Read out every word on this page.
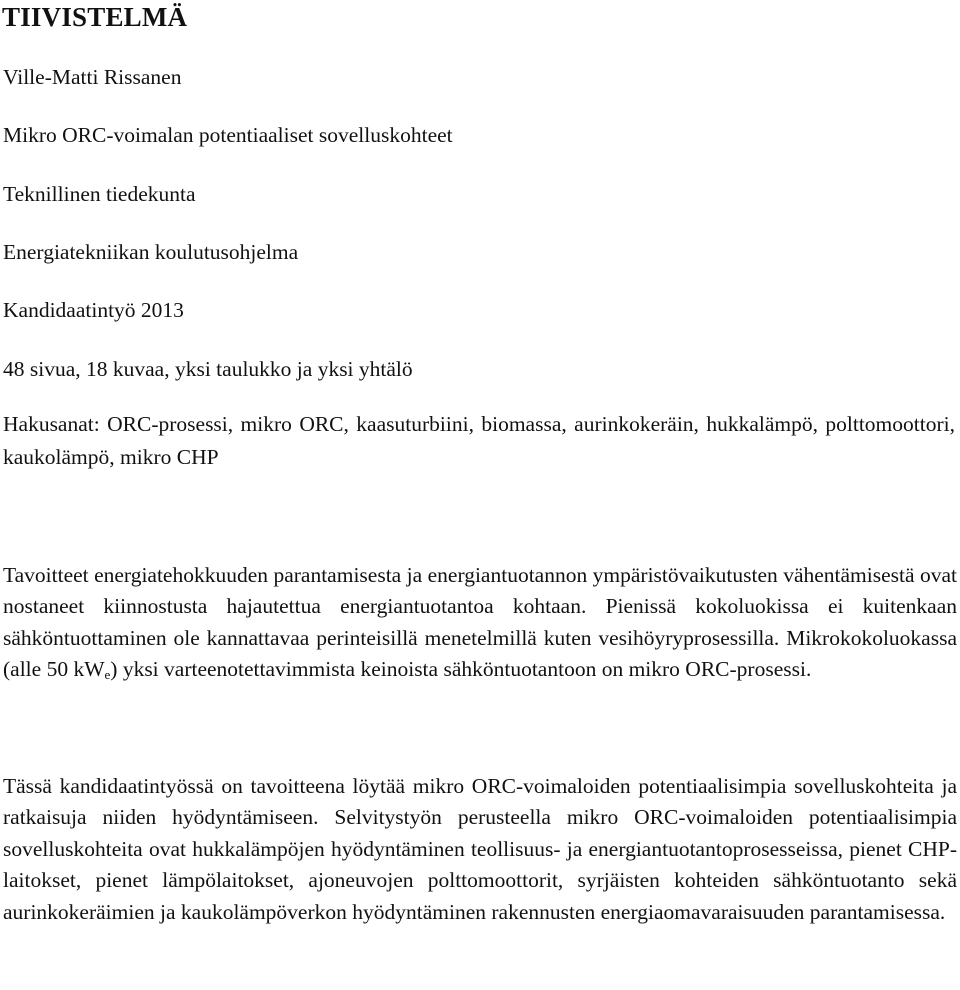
TIIVISTELMÄ
Ville-Matti Rissanen
Mikro ORC-voimalan potentiaaliset sovelluskohteet
Teknillinen tiedekunta
Energiatekniikan koulutusohjelma
Kandidaatintyö 2013
48 sivua, 18 kuvaa, yksi taulukko ja yksi yhtälö
Hakusanat: ORC-prosessi, mikro ORC, kaasuturbiini, biomassa, aurinkokeräin, hukkalämpö, polttomoottori, kaukolämpö, mikro CHP
Tavoitteet energiatehokkuuden parantamisesta ja energiantuotannon ympäristövaikutusten vähentämisestä ovat nostaneet kiinnostusta hajautettua energiantuotantoa kohtaan. Pienissä kokoluokissa ei kuitenkaan sähköntuottaminen ole kannattavaa perinteisillä menetelmillä kuten vesihöyryprosessilla. Mikrokokoluokassa (alle 50 $kW_e$) yksi varteenotettavimmista keinoista sähköntuotantoon on mikro ORC-prosessi.
Tässä kandidaatintyössä on tavoitteena löytää mikro ORC-voimaloiden potentiaalisimpia sovelluskohteita ja ratkaisuja niiden hyödyntämiseen. Selvitystyön perusteella mikro ORC-voimaloiden potentiaalisimpia sovelluskohteita ovat hukkalämpöjen hyödyntäminen teollisuus- ja energiantuotantoprosesseissa, pienet CHP-laitokset, pienet lämpölaitokset, ajoneuvojen polttomoottorit, syrjäisten kohteiden sähköntuotanto sekä aurinkokeräimien ja kaukolämpöverkon hyödyntäminen rakennusten energiaomavaraisuuden parantamisessa.
